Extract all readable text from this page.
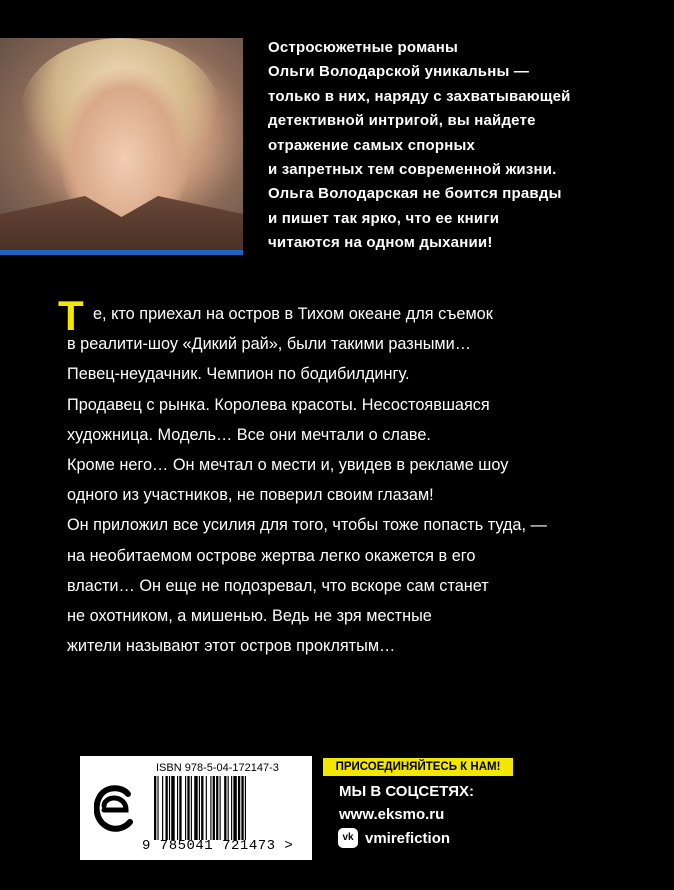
Остросюжетные романы
Ольги Володарской уникальны —
только в них, наряду с захватывающей
детективной интригой, вы найдете
отражение самых спорных
и запретных тем современной жизни.
Ольга Володарская не боится правды
и пишет так ярко, что ее книги
читаются на одном дыхании!
Т е, кто приехал на остров в Тихом океане для съемок
в реалити-шоу «Дикий рай», были такими разными…
Певец-неудачник. Чемпион по бодибилдингу.
Продавец с рынка. Королева красоты. Несостоявшаяся
художница. Модель… Все они мечтали о славе.
Кроме него… Он мечтал о мести и, увидев в рекламе шоу
одного из участников, не поверил своим глазам!
Он приложил все усилия для того, чтобы тоже попасть туда, —
на необитаемом острове жертва легко окажется в его
власти… Он еще не подозревал, что вскоре сам станет
не охотником, а мишенью. Ведь не зря местные
жители называют этот остров проклятым…
ISBN 978-5-04-172147-3
9 785041 721473 >
ПРИСОЕДИНЯЙТЕСЬ К НАМ!
МЫ В СОЦСЕТЯХ:
www.eksmo.ru
vk vmirefiction
